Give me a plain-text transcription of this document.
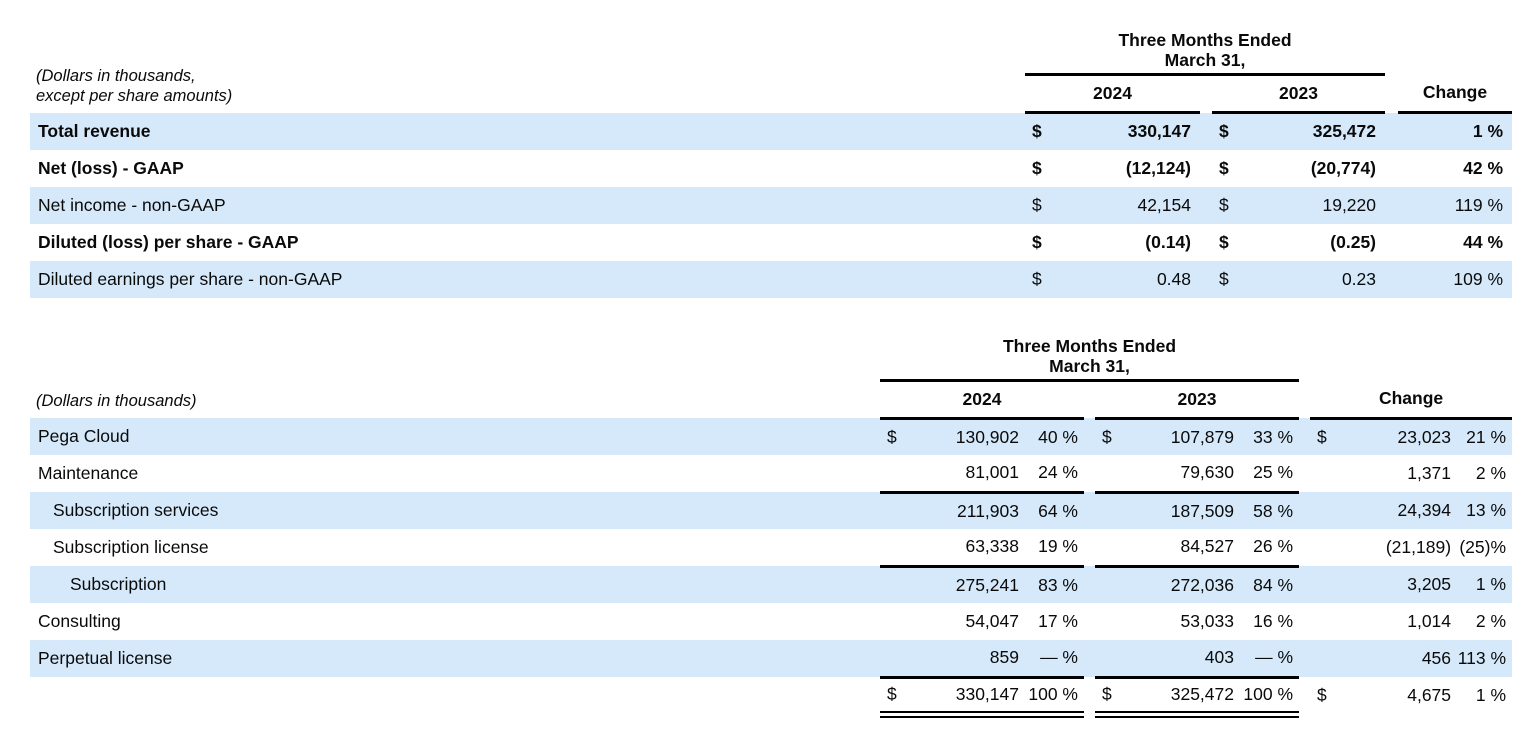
(Dollars in thousands,
except per share amounts)

Three Months Ended
March 31,

	2024			2023			Change
Total revenue	$	330,147		$	325,472		1 %
Net (loss) - GAAP	$	(12,124)		$	(20,774)		42 %
Net income - non-GAAP	$	42,154		$	19,220		119 %
Diluted (loss) per share - GAAP	$	(0.14)		$	(0.25)		44 %
Diluted earnings per share - non-GAAP	$	0.48		$	0.23		109 %
(Dollars in thousands)	Three Months Ended
March 31,										

	2024				2023				Change		
Pega Cloud	$	130,902	40 %		$	107,879	33 %		$	23,023	21 %
Maintenance		81,001	24 %			79,630	25 %			1,371	2 %
Subscription services		211,903	64 %			187,509	58 %			24,394	13 %
Subscription license		63,338	19 %			84,527	26 %			(21,189)	(25)%
Subscription		275,241	83 %			272,036	84 %			3,205	1 %
Consulting		54,047	17 %			53,033	16 %			1,014	2 %
Perpetual license		859	— %			403	— %			456	113 %
	$	330,147	100 %		$	325,472	100 %		$	4,675	1 %
